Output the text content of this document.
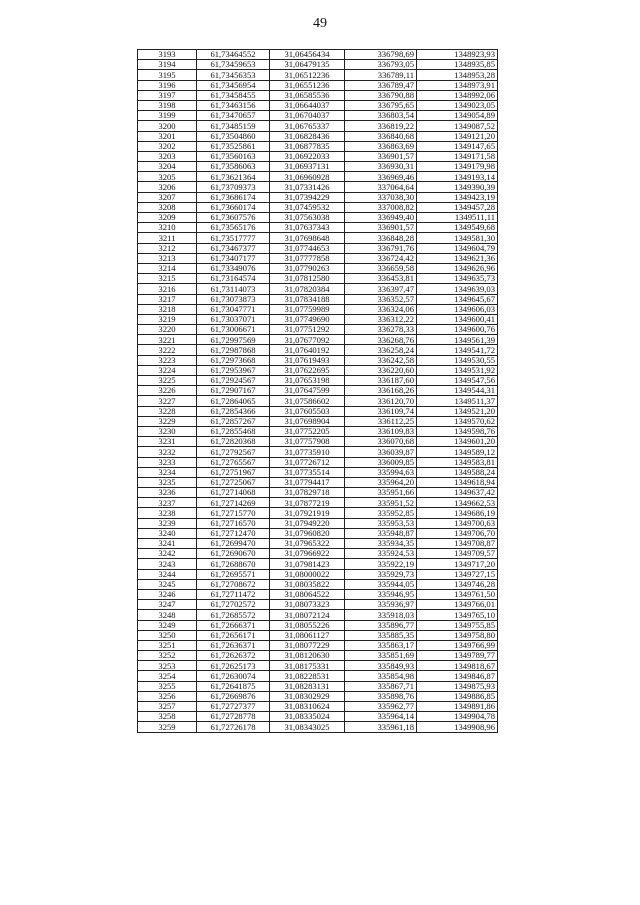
49
3193	61,73464552	31,06456434	336798,69	1348923,93
3194	61,73459653	31,06479135	336793,05	1348935,85
3195	61,73456353	31,06512236	336789,11	1348953,28
3196	61,73456954	31,06551236	336789,47	1348973,91
3197	61,73458455	31,06585536	336790,88	1348992,06
3198	61,73463156	31,06644037	336795,65	1349023,05
3199	61,73470657	31,06704037	336803,54	1349054,89
3200	61,73485159	31,06765337	336819,22	1349087,52
3201	61,73504860	31,06828436	336840,68	1349121,20
3202	61,73525861	31,06877835	336863,69	1349147,65
3203	61,73560163	31,06922033	336901,57	1349171,58
3204	61,73586063	31,06937131	336930,31	1349179,98
3205	61,73621364	31,06960928	336969,46	1349193,14
3206	61,73709373	31,07331426	337064,64	1349390,39
3207	61,73686174	31,07394229	337038,30	1349423,19
3208	61,73660174	31,07459532	337008,82	1349457,28
3209	61,73607576	31,07563038	336949,40	1349511,11
3210	61,73565176	31,07637343	336901,57	1349549,68
3211	61,73517777	31,07698648	336848,28	1349581,30
3212	61,73467377	31,07744653	336791,76	1349604,79
3213	61,73407177	31,07777858	336724,42	1349621,36
3214	61,73349076	31,07790263	336659,58	1349626,96
3215	61,73164574	31,07812580	336453,81	1349635,73
3216	61,73114073	31,07820384	336397,47	1349639,03
3217	61,73073873	31,07834188	336352,57	1349645,67
3218	61,73047771	31,07759989	336324,06	1349606,03
3219	61,73037071	31,07749690	336312,22	1349600,41
3220	61,73006671	31,07751292	336278,33	1349600,76
3221	61,72997569	31,07677092	336268,76	1349561,39
3222	61,72987868	31,07640192	336258,24	1349541,72
3223	61,72973668	31,07619493	336242,58	1349530,55
3224	61,72953967	31,07622695	336220,60	1349531,92
3225	61,72924567	31,07653198	336187,60	1349547,56
3226	61,72907167	31,07647599	336168,26	1349544,31
3227	61,72864065	31,07586602	336120,70	1349511,37
3228	61,72854366	31,07605503	336109,74	1349521,20
3229	61,72857267	31,07698904	336112,25	1349570,62
3230	61,72855468	31,07752205	336109,83	1349598,76
3231	61,72820368	31,07757908	336070,68	1349601,20
3232	61,72792567	31,07735910	336039,87	1349589,12
3233	61,72765567	31,07726712	336009,85	1349583,81
3234	61,72751967	31,07735514	335994,63	1349588,24
3235	61,72725067	31,07794417	335964,20	1349618,94
3236	61,72714068	31,07829718	335951,66	1349637,42
3237	61,72714269	31,07877219	335951,52	1349662,53
3238	61,72715770	31,07921919	335952,85	1349686,19
3239	61,72716570	31,07949220	335953,53	1349700,63
3240	61,72712470	31,07960820	335948,87	1349706,70
3241	61,72699470	31,07965322	335934,35	1349708,87
3242	61,72690670	31,07966922	335924,53	1349709,57
3243	61,72688670	31,07981423	335922,19	1349717,20
3244	61,72695571	31,08000022	335929,73	1349727,15
3245	61,72708672	31,08035822	335944,05	1349746,28
3246	61,72711472	31,08064522	335946,95	1349761,50
3247	61,72702572	31,08073323	335936,97	1349766,01
3248	61,72685572	31,08072124	335918,03	1349765,10
3249	61,72666371	31,08055226	335896,77	1349755,85
3250	61,72656171	31,08061127	335885,35	1349758,80
3251	61,72636371	31,08077229	335863,17	1349766,99
3252	61,72626372	31,08120630	335851,69	1349789,77
3253	61,72625173	31,08175331	335849,93	1349818,67
3254	61,72630074	31,08228531	335854,98	1349846,87
3255	61,72641875	31,08283131	335867,71	1349875,93
3256	61,72669876	31,08302929	335898,76	1349886,85
3257	61,72727377	31,08310624	335962,77	1349891,86
3258	61,72728778	31,08335024	335964,14	1349904,78
3259	61,72726178	31,08343025	335961,18	1349908,96
